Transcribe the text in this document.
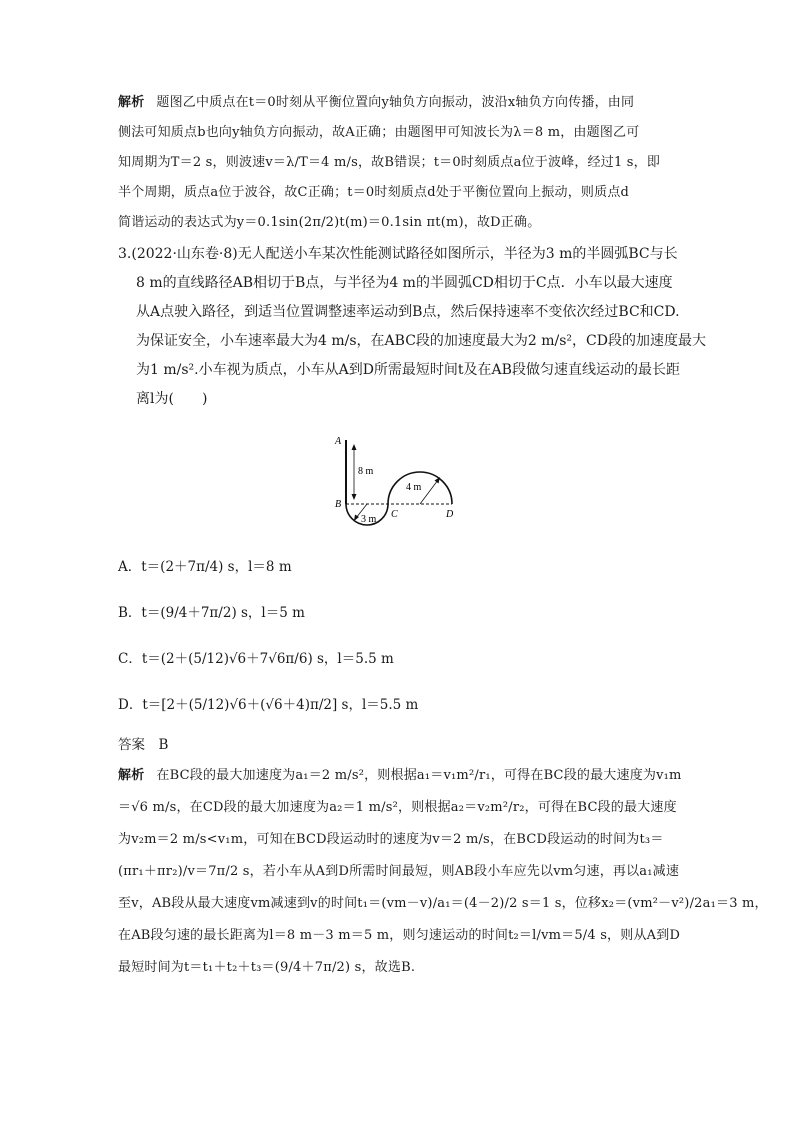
解析 题图乙中质点在t＝0时刻从平衡位置向y轴负方向振动，波沿x轴负方向传播，由同

侧法可知质点b也向y轴负方向振动，故A正确；由题图甲可知波长为λ＝8 m，由题图乙可

知周期为T＝2 s，则波速v＝λ/T＝4 m/s，故B错误；t＝0时刻质点a位于波峰，经过1 s，即

半个周期，质点a位于波谷，故C正确；t＝0时刻质点d处于平衡位置向上振动，则质点d

简谐运动的表达式为y＝0.1sin(2π/2)t(m)＝0.1sin πt(m)，故D正确。

3.(2022·山东卷·8)无人配送小车某次性能测试路径如图所示，半径为3 m的半圆弧BC与长

8 m的直线路径AB相切于B点，与半径为4 m的半圆弧CD相切于C点．小车以最大速度

从A点驶入路径，到适当位置调整速率运动到B点，然后保持速率不变依次经过BC和CD.

为保证安全，小车速率最大为4 m/s，在ABC段的加速度最大为2 m/s²，CD段的加速度最大

为1 m/s².小车视为质点，小车从A到D所需最短时间t及在AB段做匀速直线运动的最长距

离l为(　　)

A
B
C	D
8 m
3 m
4 m

A．t＝(2＋7π/4) s，l＝8 m

B．t＝(9/4＋7π/2) s，l＝5 m

C．t＝(2＋(5/12)√6＋7√6π/6) s，l＝5.5 m

D．t＝[2＋(5/12)√6＋(√6＋4)π/2] s，l＝5.5 m

答案　B

解析 在BC段的最大加速度为a₁＝2 m/s²，则根据a₁＝v₁m²/r₁，可得在BC段的最大速度为v₁m

＝√6 m/s，在CD段的最大加速度为a₂＝1 m/s²，则根据a₂＝v₂m²/r₂，可得在BC段的最大速度

为v₂m＝2 m/s<v₁m，可知在BCD段运动时的速度为v＝2 m/s，在BCD段运动的时间为t₃＝

(πr₁＋πr₂)/v＝7π/2 s，若小车从A到D所需时间最短，则AB段小车应先以vm匀速，再以a₁减速

至v，AB段从最大速度vm减速到v的时间t₁＝(vm－v)/a₁＝(4－2)/2 s＝1 s，位移x₂＝(vm²－v²)/2a₁＝3 m，

在AB段匀速的最长距离为l＝8 m－3 m＝5 m，则匀速运动的时间t₂＝l/vm＝5/4 s，则从A到D

最短时间为t＝t₁＋t₂＋t₃＝(9/4＋7π/2) s，故选B.
